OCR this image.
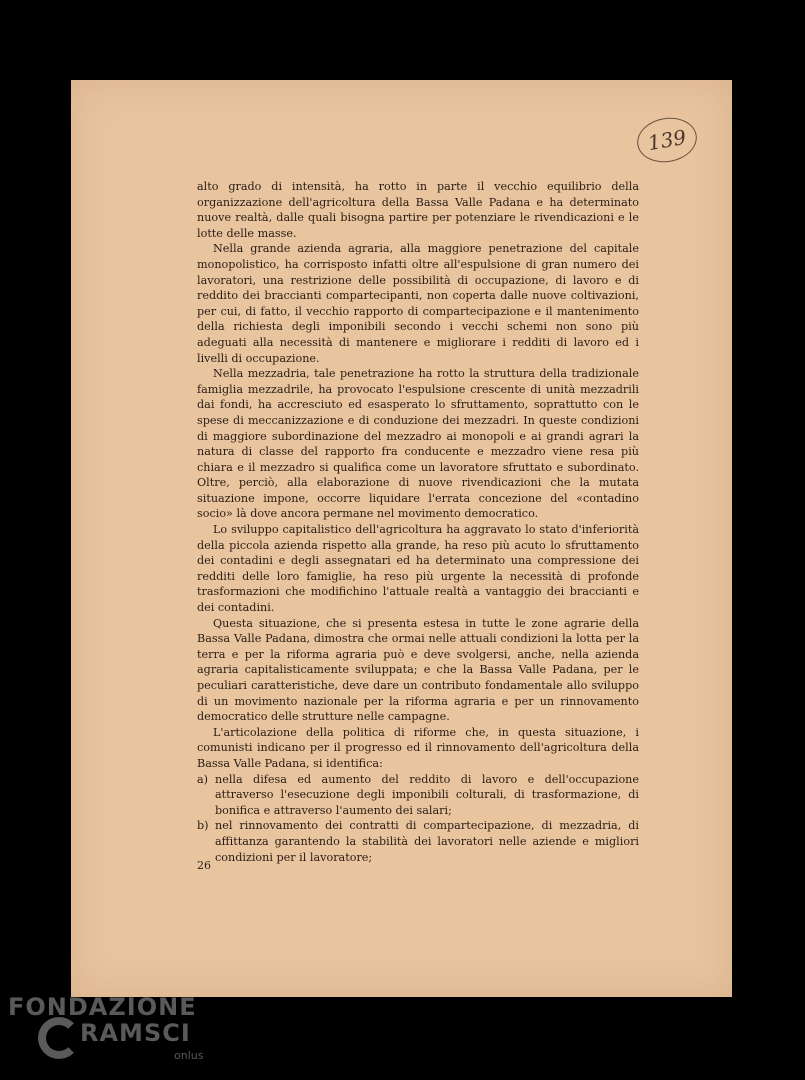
139

alto grado di intensità, ha rotto in parte il vecchio equilibrio della organizzazione dell'agricoltura della Bassa Valle Padana e ha determinato nuove realtà, dalle quali bisogna partire per potenziare le rivendicazioni e le lotte delle masse.

Nella grande azienda agraria, alla maggiore penetrazione del capitale monopolistico, ha corrisposto infatti oltre all'espulsione di gran numero dei lavoratori, una restrizione delle possibilità di occupazione, di lavoro e di reddito dei braccianti compartecipanti, non coperta dalle nuove coltivazioni, per cui, di fatto, il vecchio rapporto di compartecipazione e il mantenimento della richiesta degli imponibili secondo i vecchi schemi non sono più adeguati alla necessità di mantenere e migliorare i redditi di lavoro ed i livelli di occupazione.

Nella mezzadria, tale penetrazione ha rotto la struttura della tradizionale famiglia mezzadrile, ha provocato l'espulsione crescente di unità mezzadrili dai fondi, ha accresciuto ed esasperato lo sfruttamento, soprattutto con le spese di meccanizzazione e di conduzione dei mezzadri. In queste condizioni di maggiore subordinazione del mezzadro ai monopoli e ai grandi agrari la natura di classe del rapporto fra conducente e mezzadro viene resa più chiara e il mezzadro si qualifica come un lavoratore sfruttato e subordinato. Oltre, perciò, alla elaborazione di nuove rivendicazioni che la mutata situazione impone, occorre liquidare l'errata concezione del «contadino socio» là dove ancora permane nel movimento democratico.

Lo sviluppo capitalistico dell'agricoltura ha aggravato lo stato d'inferiorità della piccola azienda rispetto alla grande, ha reso più acuto lo sfruttamento dei contadini e degli assegnatari ed ha determinato una compressione dei redditi delle loro famiglie, ha reso più urgente la necessità di profonde trasformazioni che modifichino l'attuale realtà a vantaggio dei braccianti e dei contadini.

Questa situazione, che si presenta estesa in tutte le zone agrarie della Bassa Valle Padana, dimostra che ormai nelle attuali condizioni la lotta per la terra e per la riforma agraria può e deve svolgersi, anche, nella azienda agraria capitalisticamente sviluppata; e che la Bassa Valle Padana, per le peculiari caratteristiche, deve dare un contributo fondamentale allo sviluppo di un movimento nazionale per la riforma agraria e per un rinnovamento democratico delle strutture nelle campagne.

L'articolazione della politica di riforme che, in questa situazione, i comunisti indicano per il progresso ed il rinnovamento dell'agricoltura della Bassa Valle Padana, si identifica:

a) nella difesa ed aumento del reddito di lavoro e dell'occupazione attraverso l'esecuzione degli imponibili colturali, di trasformazione, di bonifica e attraverso l'aumento dei salari;
b) nel rinnovamento dei contratti di compartecipazione, di mezzadria, di affittanza garantendo la stabilità dei lavoratori nelle aziende e migliori condizioni per il lavoratore;
26
FONDAZIONE
RAMSCI
onlus
